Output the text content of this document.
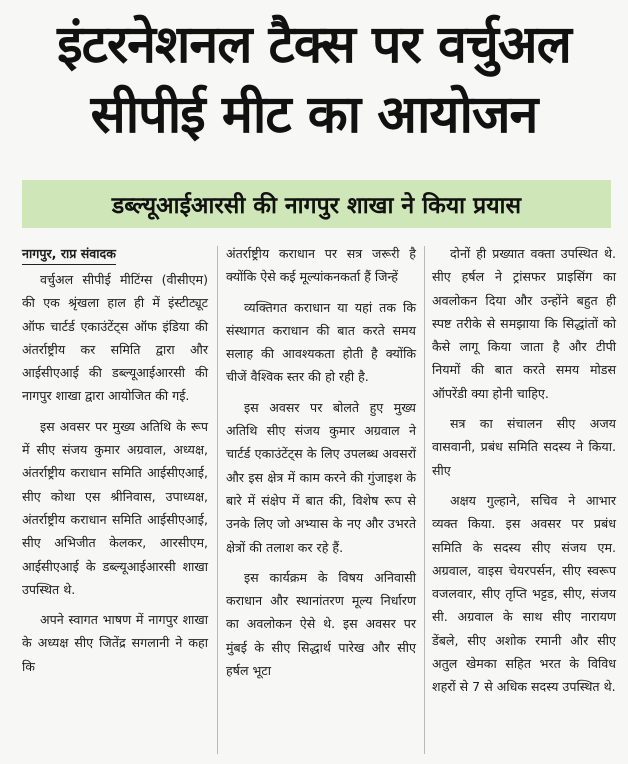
इंटरनेशनल टैक्स पर वर्चुअल
सीपीई मीट का आयोजन
डब्ल्यूआईआरसी की नागपुर शाखा ने किया प्रयास
नागपुर, राप्र संवादक

वर्चुअल सीपीई मीटिंग्स (वीसीएम) की एक श्रृंखला हाल ही में इंस्टीट्यूट ऑफ चार्टर्ड एकाउंटेंट्स ऑफ इंडिया की अंतर्राष्ट्रीय कर समिति द्वारा और आईसीएआई की डब्ल्यूआईआरसी की नागपुर शाखा द्वारा आयोजित की गई.

इस अवसर पर मुख्य अतिथि के रूप में सीए संजय कुमार अग्रवाल, अध्यक्ष, अंतर्राष्ट्रीय कराधान समिति आईसीएआई, सीए कोथा एस श्रीनिवास, उपाध्यक्ष, अंतर्राष्ट्रीय कराधान समिति आईसीएआई, सीए अभिजीत केलकर, आरसीएम, आईसीएआई के डब्ल्यूआईआरसी शाखा उपस्थित थे.

अपने स्वागत भाषण में नागपुर शाखा के अध्यक्ष सीए जितेंद्र सगलानी ने कहा कि

अंतर्राष्ट्रीय कराधान पर सत्र जरूरी है क्योंकि ऐसे कई मूल्यांकनकर्ता हैं जिन्हें

व्यक्तिगत कराधान या यहां तक कि संस्थागत कराधान की बात करते समय सलाह की आवश्यकता होती है क्योंकि चीजें वैश्विक स्तर की हो रही है.

इस अवसर पर बोलते हुए मुख्य अतिथि सीए संजय कुमार अग्रवाल ने चार्टर्ड एकाउंटेंट्स के लिए उपलब्ध अवसरों और इस क्षेत्र में काम करने की गुंजाइश के बारे में संक्षेप में बात की, विशेष रूप से उनके लिए जो अभ्यास के नए और उभरते क्षेत्रों की तलाश कर रहे हैं.

इस कार्यक्रम के विषय अनिवासी कराधान और स्थानांतरण मूल्य निर्धारण का अवलोकन ऐसे थे. इस अवसर पर मुंबई के सीए सिद्धार्थ पारेख और सीए हर्षल भूटा

दोनों ही प्रख्यात वक्ता उपस्थित थे. सीए हर्षल ने ट्रांसफर प्राइसिंग का अवलोकन दिया और उन्होंने बहुत ही स्पष्ट तरीके से समझाया कि सिद्धांतों को कैसे लागू किया जाता है और टीपी नियमों की बात करते समय मोडस ऑपरेंडी क्या होनी चाहिए.

सत्र का संचालन सीए अजय वासवानी, प्रबंध समिति सदस्य ने किया. सीए

अक्षय गुल्हाने, सचिव ने आभार व्यक्त किया. इस अवसर पर प्रबंध समिति के सदस्य सीए संजय एम. अग्रवाल, वाइस चेयरपर्सन, सीए स्वरूप वजलवार, सीए तृप्ति भट्टड, सीए, संजय सी. अग्रवाल के साथ सीए नारायण डेंबले, सीए अशोक रमानी और सीए अतुल खेमका सहित भरत के विविध शहरों से 7 से अधिक सदस्य उपस्थित थे.
